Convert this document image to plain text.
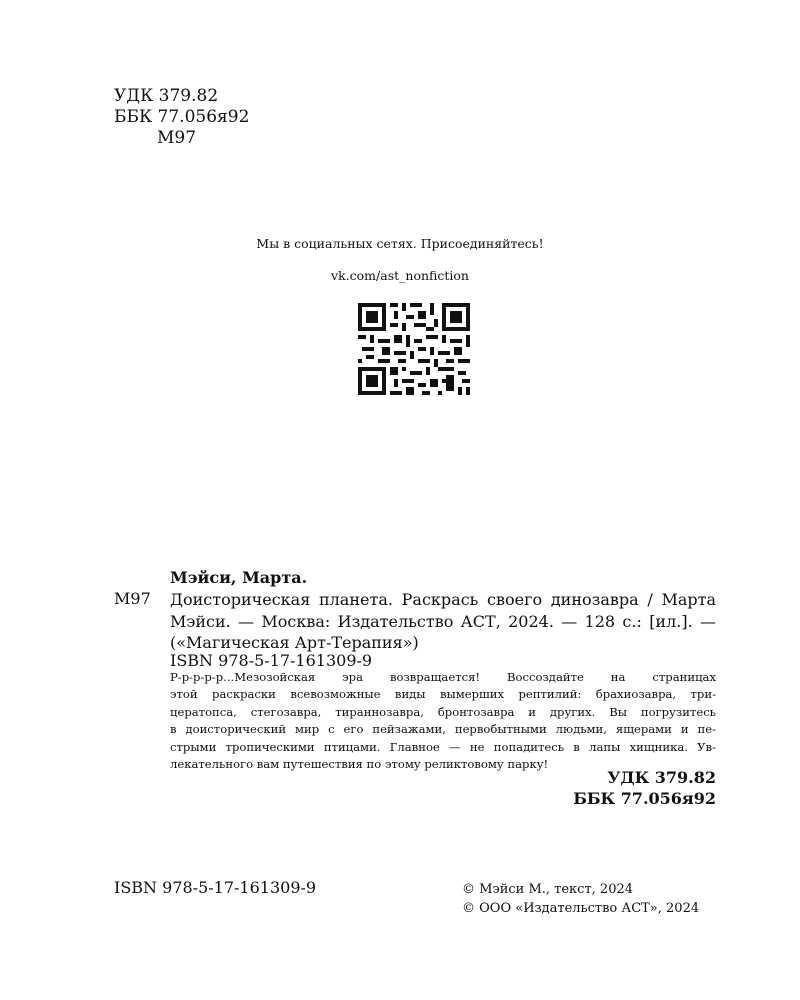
УДК 379.82
ББК 77.056я92
М97
Мы в социальных сетях. Присоединяйтесь!
vk.com/ast_nonfiction
Мэйси, Марта.
М97 Доисторическая планета. Раскрась своего динозавра / Марта
Мэйси. — Москва: Издательство АСТ, 2024. — 128 с.: [ил.]. —
(«Магическая Арт-Терапия»)
ISBN 978-5-17-161309-9
Р-р-р-р-р...Мезозойская эра возвращается! Воссоздайте на страницах
этой раскраски всевозможные виды вымерших рептилий: брахиозавра, три-
цератопса, стегозавра, тираннозавра, бронтозавра и других. Вы погрузитесь
в доисторический мир с его пейзажами, первобытными людьми, ящерами и пе-
стрыми тропическими птицами. Главное — не попадитесь в лапы хищника. Ув-
лекательного вам путешествия по этому реликтовому парку!
УДК 379.82
ББК 77.056я92
ISBN 978-5-17-161309-9	© Мэйси М., текст, 2024
© ООО «Издательство АСТ», 2024
